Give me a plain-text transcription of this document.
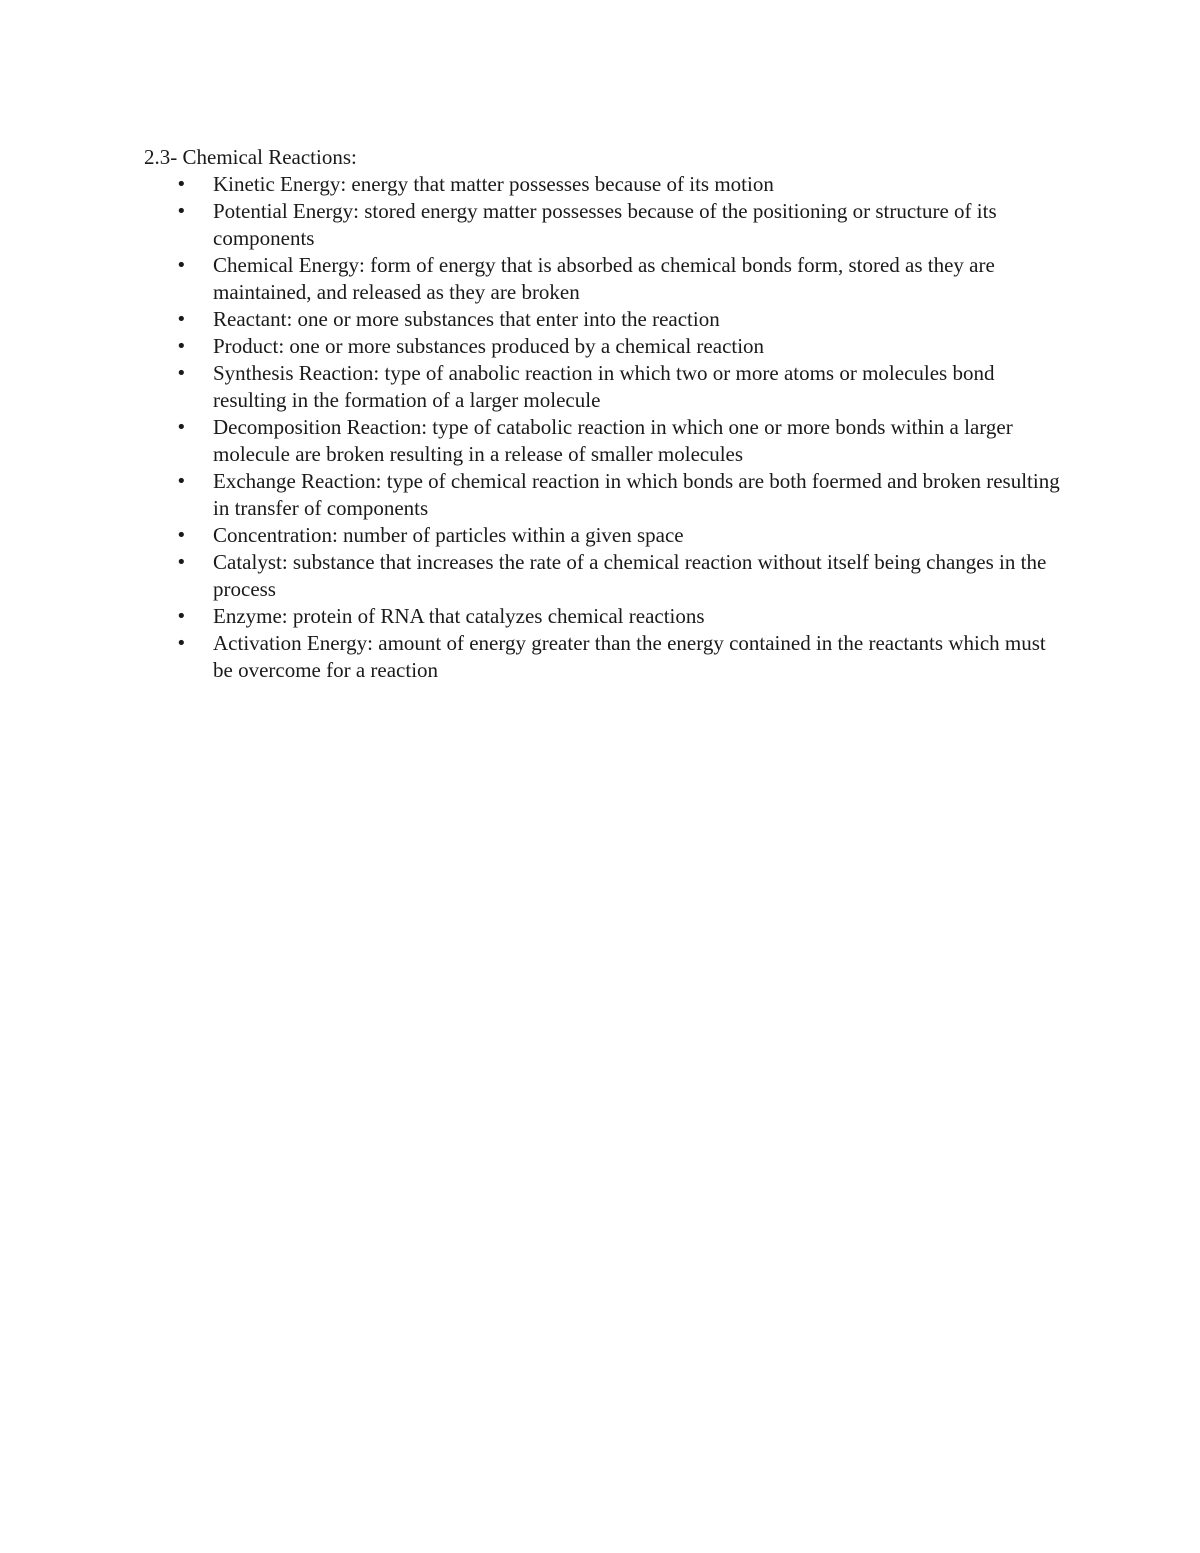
2.3- Chemical Reactions:

• Kinetic Energy: energy that matter possesses because of its motion
• Potential Energy: stored energy matter possesses because of the positioning or structure of its components
• Chemical Energy: form of energy that is absorbed as chemical bonds form, stored as they are maintained, and released as they are broken
• Reactant: one or more substances that enter into the reaction
• Product: one or more substances produced by a chemical reaction
• Synthesis Reaction: type of anabolic reaction in which two or more atoms or molecules bond resulting in the formation of a larger molecule
• Decomposition Reaction: type of catabolic reaction in which one or more bonds within a larger molecule are broken resulting in a release of smaller molecules
• Exchange Reaction: type of chemical reaction in which bonds are both foermed and broken resulting in transfer of components
• Concentration: number of particles within a given space
• Catalyst: substance that increases the rate of a chemical reaction without itself being changes in the process
• Enzyme: protein of RNA that catalyzes chemical reactions
• Activation Energy: amount of energy greater than the energy contained in the reactants which must be overcome for a reaction
